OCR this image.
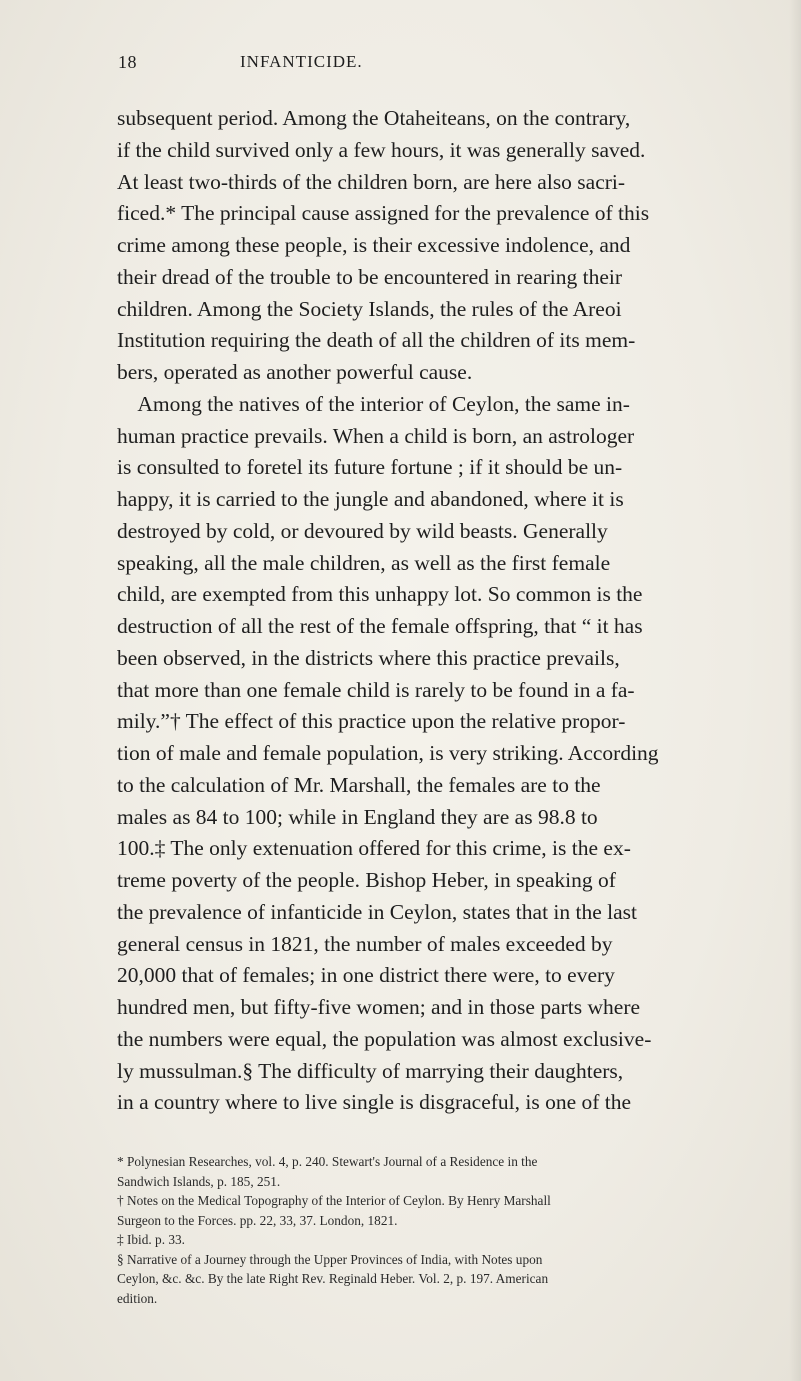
18	INFANTICIDE.
subsequent period. Among the Otaheiteans, on the contrary,
if the child survived only a few hours, it was generally saved.
At least two-thirds of the children born, are here also sacri-
ficed.* The principal cause assigned for the prevalence of this
crime among these people, is their excessive indolence, and
their dread of the trouble to be encountered in rearing their
children. Among the Society Islands, the rules of the Areoi
Institution requiring the death of all the children of its mem-
bers, operated as another powerful cause.
Among the natives of the interior of Ceylon, the same in-
human practice prevails. When a child is born, an astrologer
is consulted to foretel its future fortune ; if it should be un-
happy, it is carried to the jungle and abandoned, where it is
destroyed by cold, or devoured by wild beasts. Generally
speaking, all the male children, as well as the first female
child, are exempted from this unhappy lot. So common is the
destruction of all the rest of the female offspring, that “ it has
been observed, in the districts where this practice prevails,
that more than one female child is rarely to be found in a fa-
mily.”† The effect of this practice upon the relative propor-
tion of male and female population, is very striking. According
to the calculation of Mr. Marshall, the females are to the
males as 84 to 100; while in England they are as 98.8 to
100.‡ The only extenuation offered for this crime, is the ex-
treme poverty of the people. Bishop Heber, in speaking of
the prevalence of infanticide in Ceylon, states that in the last
general census in 1821, the number of males exceeded by
20,000 that of females; in one district there were, to every
hundred men, but fifty-five women; and in those parts where
the numbers were equal, the population was almost exclusive-
ly mussulman.§ The difficulty of marrying their daughters,
in a country where to live single is disgraceful, is one of the
* Polynesian Researches, vol. 4, p. 240. Stewart's Journal of a Residence in the
Sandwich Islands, p. 185, 251.
† Notes on the Medical Topography of the Interior of Ceylon. By Henry Marshall
Surgeon to the Forces. pp. 22, 33, 37. London, 1821.
‡ Ibid. p. 33.
§ Narrative of a Journey through the Upper Provinces of India, with Notes upon
Ceylon, &c. &c. By the late Right Rev. Reginald Heber. Vol. 2, p. 197. American
edition.
